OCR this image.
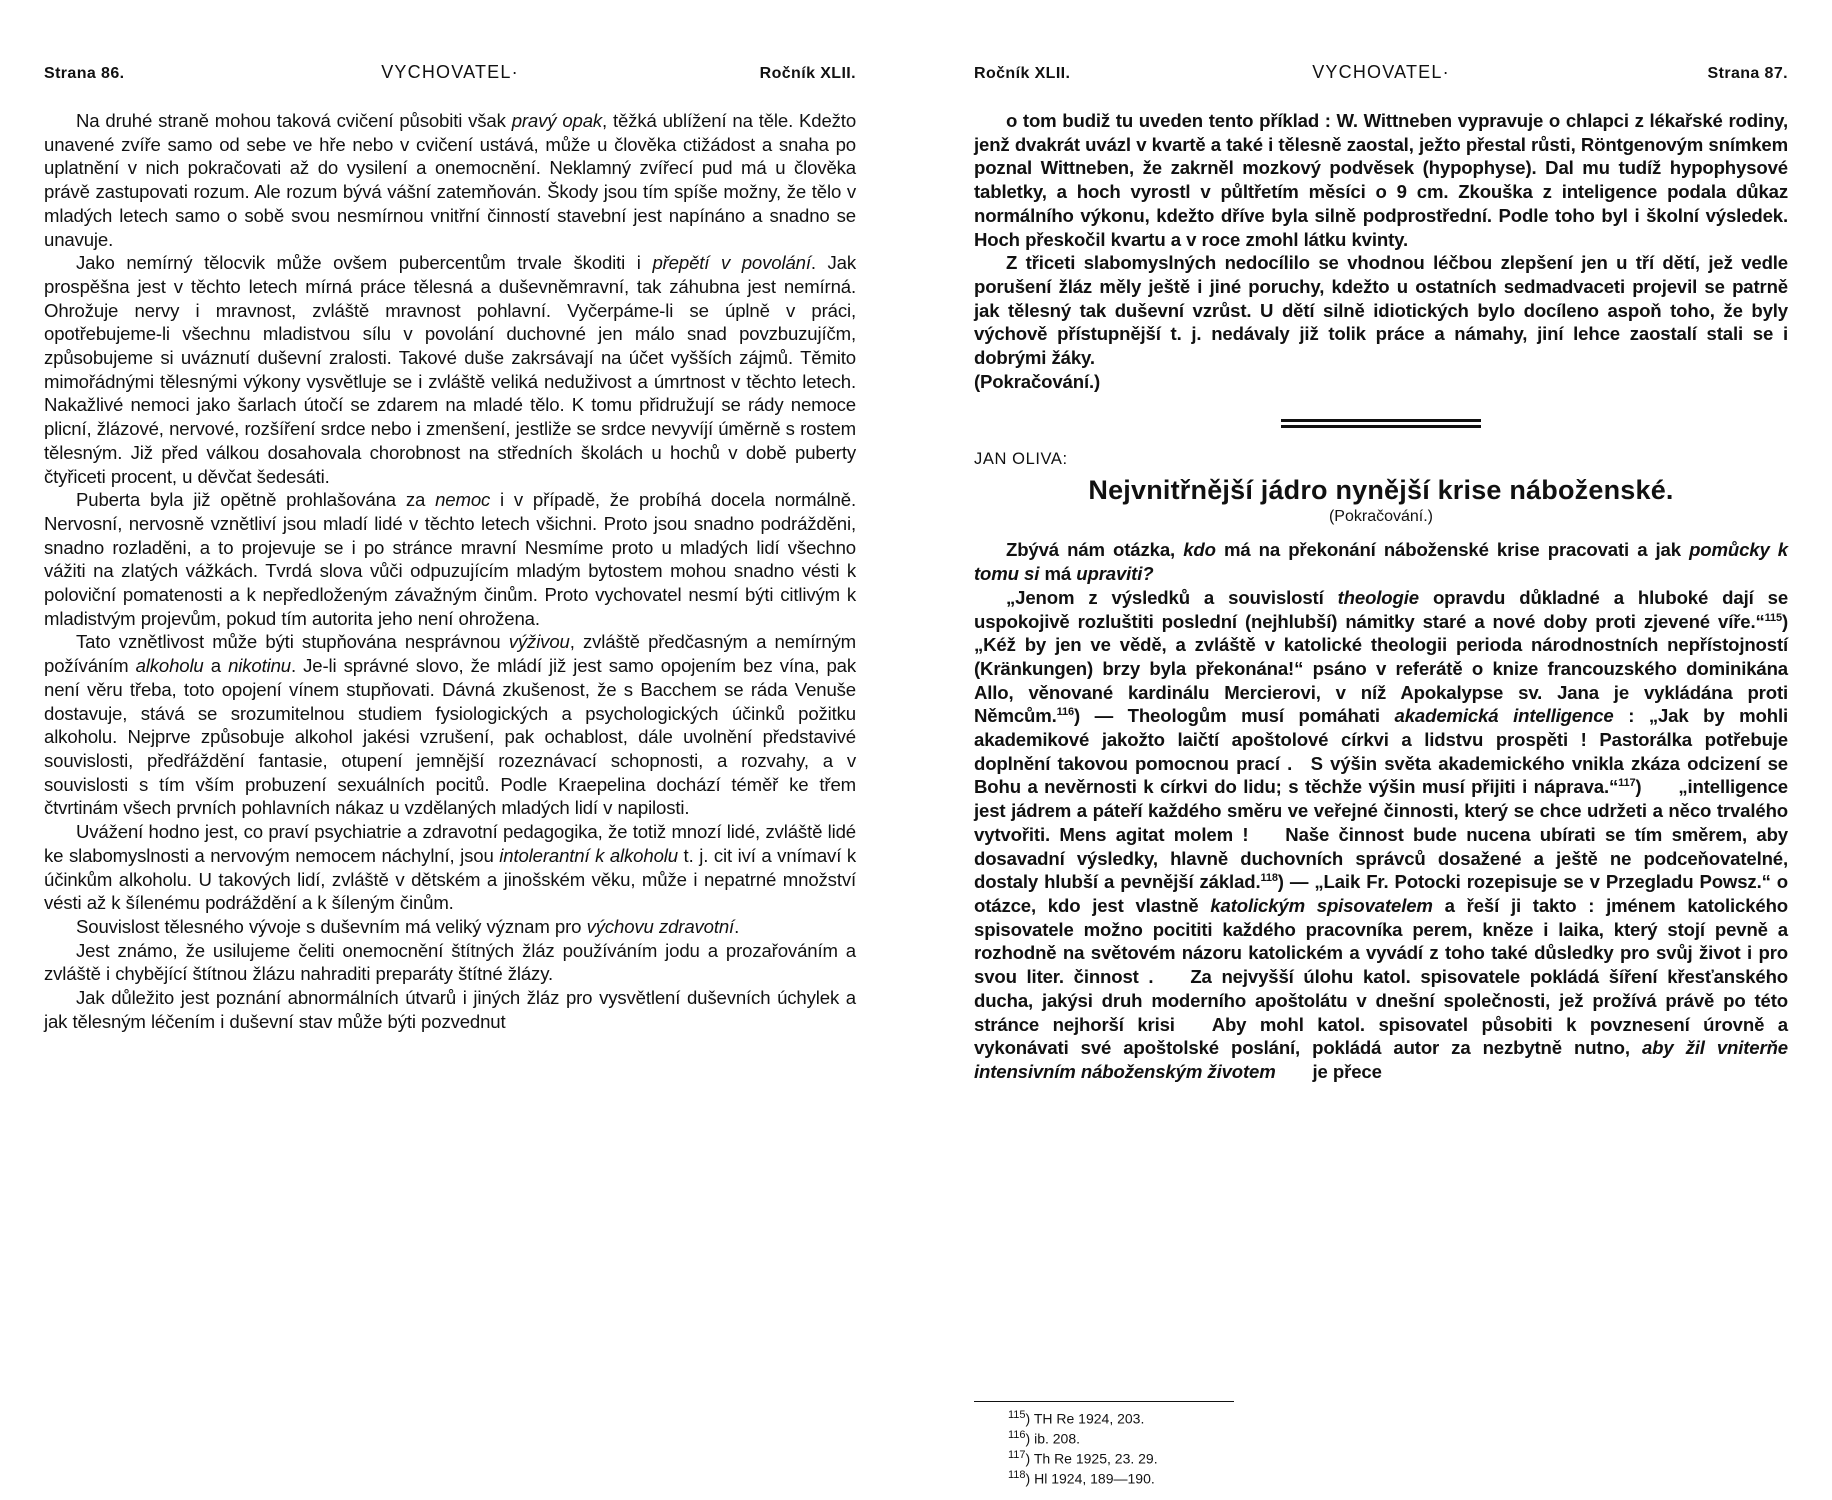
Strana 86.	VYCHOVATEL·	Ročník XLII.

Na druhé straně mohou taková cvičení působiti však pravý opak, těžká ublížení na těle. Kdežto unavené zvíře samo od sebe ve hře nebo v cvičení ustává, může u člověka ctižádost a snaha po uplatnění v nich pokračovati až do vysilení a onemocnění. Neklamný zvířecí pud má u člověka právě zastupovati rozum. Ale rozum bývá vášní zatemňován. Škody jsou tím spíše možny, že tělo v mladých letech samo o sobě svou nesmírnou vnitřní činností stavební jest napínáno a snadno se unavuje.

Jako nemírný tělocvik může ovšem pubercentům trvale škoditi i přepětí v povolání. Jak prospěšna jest v těchto letech mírná práce tělesná a duševněmravní, tak záhubna jest nemírná. Ohrožuje nervy i mravnost, zvláště mravnost pohlavní. Vyčerpáme-li se úplně v práci, opotřebujeme-li všechnu mladistvou sílu v povolání duchovné jen málo snad povzbuzujíčm, způsobujeme si uváznutí duševní zralosti. Takové duše zakrsávají na účet vyšších zájmů. Těmito mimořádnými tělesnými výkony vysvětluje se i zvláště veliká neduživost a úmrtnost v těchto letech. Nakažlivé nemoci jako šarlach útočí se zdarem na mladé tělo. K tomu přidružují se rády nemoce plicní, žlázové, nervové, rozšíření srdce nebo i zmenšení, jestliže se srdce nevyvíjí úměrně s rostem tělesným. Již před válkou dosahovala chorobnost na středních školách u hochů v době puberty čtyřiceti procent, u děvčat šedesáti.

Puberta byla již opětně prohlašována za nemoc i v případě, že probíhá docela normálně. Nervosní, nervosně vznětliví jsou mladí lidé v těchto letech všichni. Proto jsou snadno podrážděni, snadno rozladěni, a to projevuje se i po stránce mravní Nesmíme proto u mladých lidí všechno vážiti na zlatých vážkách. Tvrdá slova vůči odpuzujícím mladým bytostem mohou snadno vésti k poloviční pomatenosti a k nepředloženým závažným činům. Proto vychovatel nesmí býti citlivým k mladistvým projevům, pokud tím autorita jeho není ohrožena.

Tato vznětlivost může býti stupňována nesprávnou výživou, zvláště předčasným a nemírným požíváním alkoholu a nikotinu. Je-li správné slovo, že mládí již jest samo opojením bez vína, pak není věru třeba, toto opojení vínem stupňovati. Dávná zkušenost, že s Bacchem se ráda Venuše dostavuje, stává se srozumitelnou studiem fysiologických a psychologických účinků požitku alkoholu. Nejprve způsobuje alkohol jakési vzrušení, pak ochablost, dále uvolnění představivé souvislosti, předřáždění fantasie, otupení jemnější rozeznávací schopnosti, a rozvahy, a v souvislosti s tím vším probuzení sexuálních pocitů. Podle Kraepelina dochází téměř ke třem čtvrtinám všech prvních pohlavních nákaz u vzdělaných mladých lidí v napilosti.

Uvážení hodno jest, co praví psychiatrie a zdravotní pedagogika, že totiž mnozí lidé, zvláště lidé ke slabomyslnosti a nervovým nemocem náchylní, jsou intolerantní k alkoholu t. j. cit iví a vnímaví k účinkům alkoholu. U takových lidí, zvláště v dětském a jinošském věku, může i nepatrné množství vésti až k šílenému podráždění a k šíleným činům.

Souvislost tělesného vývoje s duševním má veliký význam pro výchovu zdravotní.

Jest známo, že usilujeme čeliti onemocnění štítných žláz používáním jodu a prozařováním a zvláště i chybějící štítnou žlázu nahraditi preparáty štítné žlázy.

Jak důležito jest poznání abnormálních útvarů i jiných žláz pro vysvětlení duševních úchylek a jak tělesným léčením i duševní stav může býti pozvednut

Ročník XLII.	VYCHOVATEL·	Strana 87.

o tom budiž tu uveden tento příklad : W. Wittneben vypravuje o chlapci z lékařské rodiny, jenž dvakrát uvázl v kvartě a také i tělesně zaostal, ježto přestal růsti, Röntgenovým snímkem poznal Wittneben, že zakrněl mozkový podvěsek (hypophyse). Dal mu tudíž hypophysové tabletky, a hoch vyrostl v půltřetím měsíci o 9 cm. Zkouška z inteligence podala důkaz normálního výkonu, kdežto dříve byla silně podprostřední. Podle toho byl i školní výsledek. Hoch přeskočil kvartu a v roce zmohl látku kvinty.

Z třiceti slabomyslných nedocílilo se vhodnou léčbou zlepšení jen u tří dětí, jež vedle porušení žláz měly ještě i jiné poruchy, kdežto u ostatních sedmadvaceti projevil se patrně jak tělesný tak duševní vzrůst. U dětí silně idiotických bylo docíleno aspoň toho, že byly výchově přístupnější t. j. nedávaly již tolik práce a námahy, jiní lehce zaostalí stali se i dobrými žáky.

(Pokračování.)

JAN OLIVA:

Nejvnitřnější jádro nynější krise náboženské.

(Pokračování.)

Zbývá nám otázka, kdo má na překonání náboženské krise pracovati a jak pomůcky k tomu si má upraviti?

„Jenom z výsledků a souvislostí theologie opravdu důkladné a hluboké dají se uspokojivě rozluštiti poslední (nejhlubší) námitky staré a nové doby proti zjevené víře.“$^{115}$) „Kéž by jen ve vědě, a zvláště v katolické theologii perioda národnostních nepřístojností (Kränkungen) brzy byla překonána!“ psáno v referátě o knize francouzského dominikána Allo, věnované kardinálu Mercierovi, v níž Apokalypse sv. Jana je vykládána proti Němcům.$^{116}$) — Theologům musí pomáhati akademická intelligence : „Jak by mohli akademikové jakožto laičtí apoštolové církvi a lidstvu prospěti ! Pastorálka potřebuje doplnění takovou pomocnou prací . S výšin světa akademického vnikla zkáza odcizení se Bohu a nevěrnosti k církvi do lidu; s těchže výšin musí přijiti i náprava.“$^{117}$)  „intelligence jest jádrem a páteří každého směru ve veřejné činnosti, který se chce udržeti a něco trvalého vytvořiti. Mens agitat molem !  Naše činnost bude nucena ubírati se tím směrem, aby dosavadní výsledky, hlavně duchovních správců dosažené a ještě ne podceňovatelné, dostaly hlubší a pevnější základ.$^{118}$) — „Laik Fr. Potocki rozepisuje se v Przegladu Powsz.“ o otázce, kdo jest vlastně katolickým spisovatelem a řeší ji takto : jménem katolického spisovatele možno pocititi každého pracovníka perem, kněze i laika, který stojí pevně a rozhodně na světovém názoru katolickém a vyvádí z toho také důsledky pro svůj život i pro svou liter. činnost .  Za nejvyšší úlohu katol. spisovatele pokládá šíření křesťanského ducha, jakýsi druh moderního apoštolátu v dnešní společnosti, jež prožívá právě po této stránce nejhorší krisi  Aby mohl katol. spisovatel působiti k povznesení úrovně a vykonávati své apoštolské poslání, pokládá autor za nezbytně nutno, aby žil vniterňe intensivním náboženským životem  je přece

$^{115}$) TH Re 1924, 203.

$^{116}$) ib. 208.

$^{117}$) Th Re 1925, 23. 29.

$^{118}$) Hl 1924, 189—190.
